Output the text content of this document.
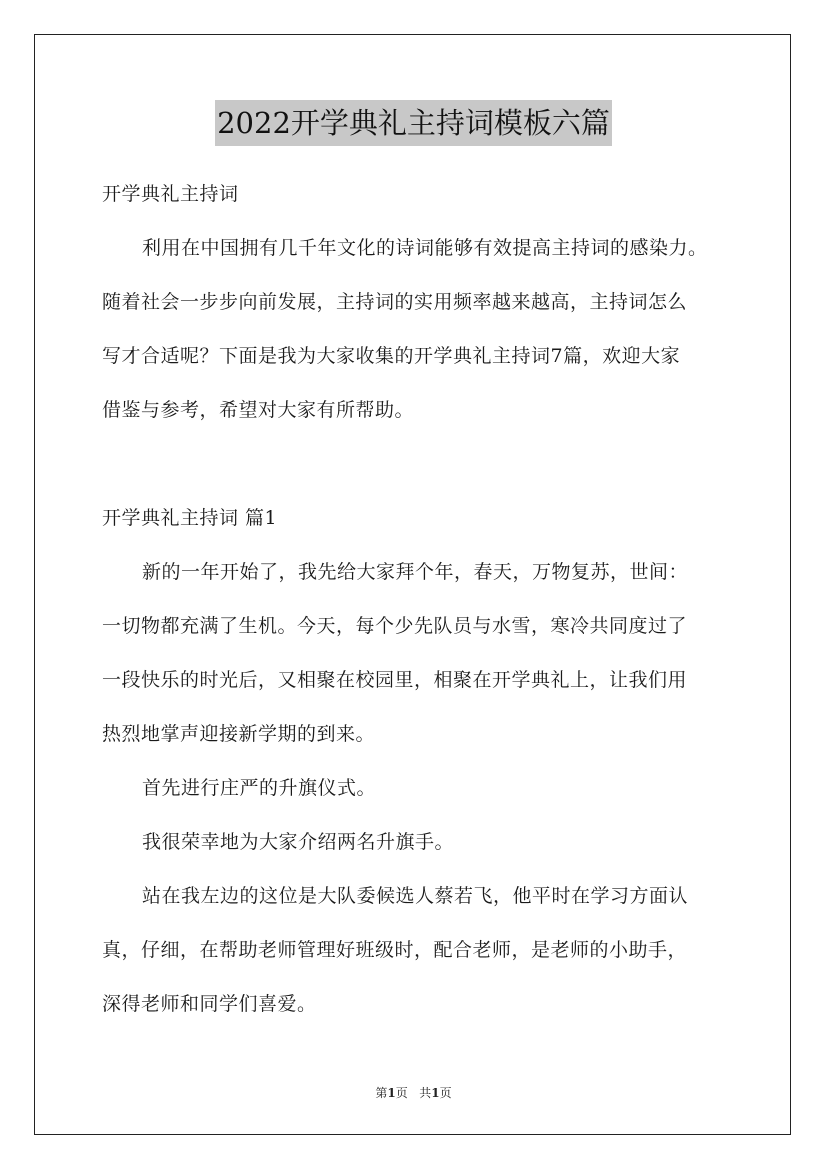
2022开学典礼主持词模板六篇
开学典礼主持词
利用在中国拥有几千年文化的诗词能够有效提高主持词的感染力。
随着社会一步步向前发展，主持词的实用频率越来越高，主持词怎么
写才合适呢？下面是我为大家收集的开学典礼主持词7篇，欢迎大家
借鉴与参考，希望对大家有所帮助。
开学典礼主持词 篇1
新的一年开始了，我先给大家拜个年，春天，万物复苏，世间：
一切物都充满了生机。今天，每个少先队员与水雪，寒冷共同度过了
一段快乐的时光后，又相聚在校园里，相聚在开学典礼上，让我们用
热烈地掌声迎接新学期的到来。
首先进行庄严的升旗仪式。
我很荣幸地为大家介绍两名升旗手。
站在我左边的这位是大队委候选人蔡若飞，他平时在学习方面认
真，仔细，在帮助老师管理好班级时，配合老师，是老师的小助手，
深得老师和同学们喜爱。
第1页 共1页
